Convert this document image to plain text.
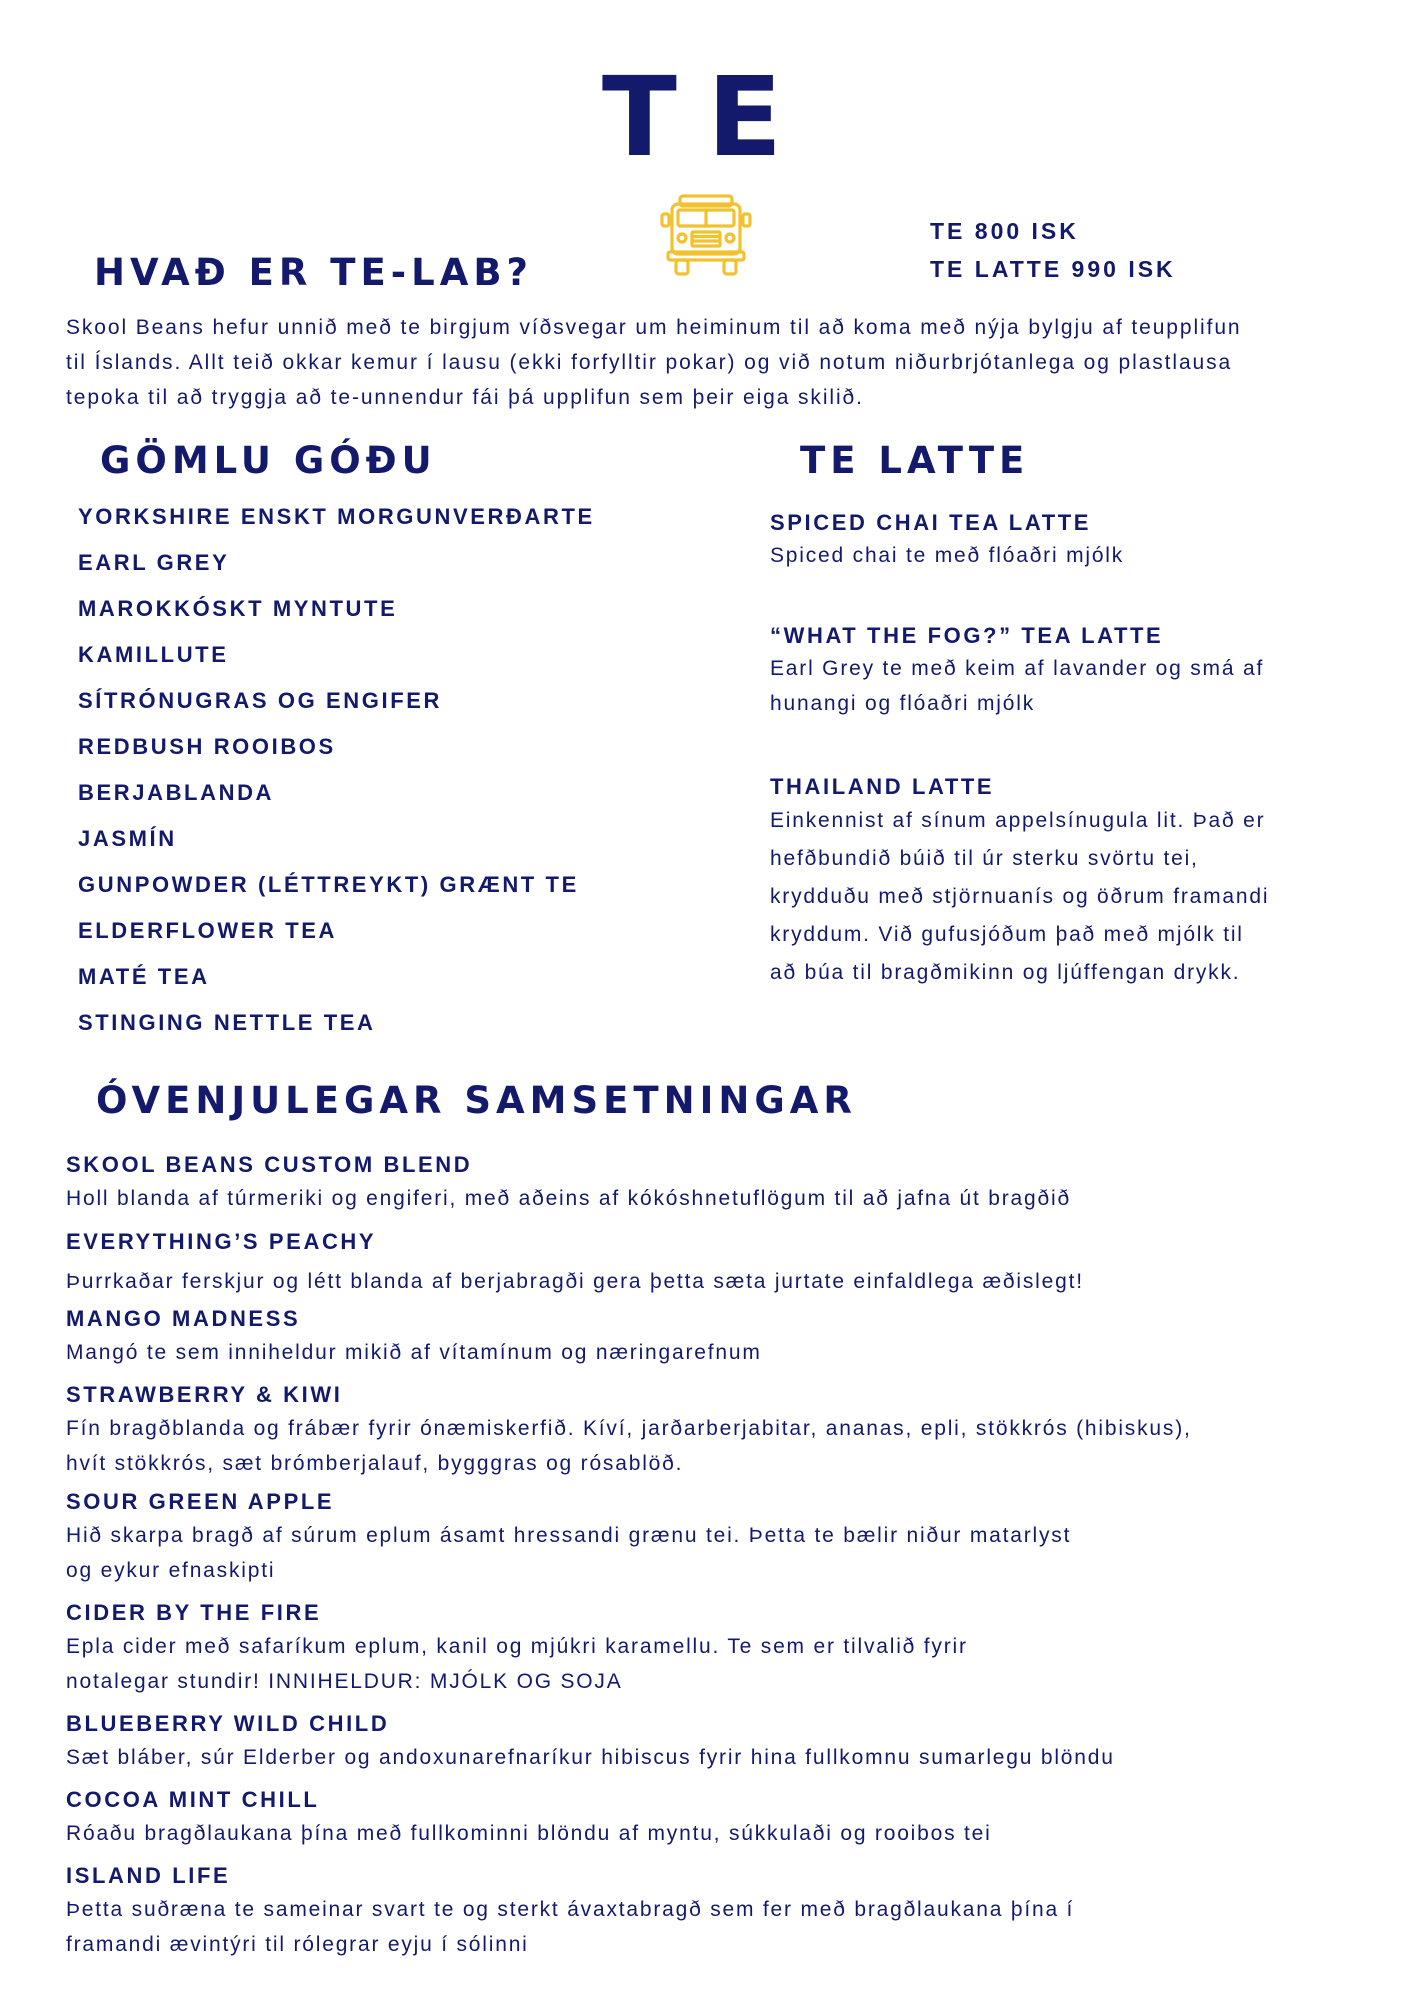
TE
TE 800 ISK
TE LATTE 990 ISK
HVAÐ ER TE-LAB?
Skool Beans hefur unnið með te birgjum víðsvegar um heiminum til að koma með nýja bylgju af teupplifun
til Íslands. Allt teið okkar kemur í lausu (ekki forfylltir pokar) og við notum niðurbrjótanlega og plastlausa
tepoka til að tryggja að te-unnendur fái þá upplifun sem þeir eiga skilið.
GÖMLU GÓÐU
YORKSHIRE ENSKT MORGUNVERÐARTE
EARL GREY
MAROKKÓSKT MYNTUTE
KAMILLUTE
SÍTRÓNUGRAS OG ENGIFER
REDBUSH ROOIBOS
BERJABLANDA
JASMÍN
GUNPOWDER (LÉTTREYKT) GRÆNT TE
ELDERFLOWER TEA
MATÉ TEA
STINGING NETTLE TEA
TE LATTE
SPICED CHAI TEA LATTE
Spiced chai te með flóaðri mjólk
“WHAT THE FOG?” TEA LATTE
Earl Grey te með keim af lavander og smá af
hunangi og flóaðri mjólk
THAILAND LATTE
Einkennist af sínum appelsínugula lit. Það er
hefðbundið búið til úr sterku svörtu tei,
krydduðu með stjörnuanís og öðrum framandi
kryddum. Við gufusjóðum það með mjólk til
að búa til bragðmikinn og ljúffengan drykk.
ÓVENJULEGAR SAMSETNINGAR
SKOOL BEANS CUSTOM BLEND
Holl blanda af túrmeriki og engiferi, með aðeins af kókóshnetuflögum til að jafna út bragðið
EVERYTHING’S PEACHY
Þurrkaðar ferskjur og létt blanda af berjabragði gera þetta sæta jurtate einfaldlega æðislegt!
MANGO MADNESS
Mangó te sem inniheldur mikið af vítamínum og næringarefnum
STRAWBERRY & KIWI
Fín bragðblanda og frábær fyrir ónæmiskerfið. Kíví, jarðarberjabitar, ananas, epli, stökkrós (hibiskus),
hvít stökkrós, sæt brómberjalauf, bygggras og rósablöð.
SOUR GREEN APPLE
Hið skarpa bragð af súrum eplum ásamt hressandi grænu tei. Þetta te bælir niður matarlyst
og eykur efnaskipti
CIDER BY THE FIRE
Epla cider með safaríkum eplum, kanil og mjúkri karamellu. Te sem er tilvalið fyrir
notalegar stundir! INNIHELDUR: MJÓLK OG SOJA
BLUEBERRY WILD CHILD
Sæt bláber, súr Elderber og andoxunarefnaríkur hibiscus fyrir hina fullkomnu sumarlegu blöndu
COCOA MINT CHILL
Róaðu bragðlaukana þína með fullkominni blöndu af myntu, súkkulaði og rooibos tei
ISLAND LIFE
Þetta suðræna te sameinar svart te og sterkt ávaxtabragð sem fer með bragðlaukana þína í
framandi ævintýri til rólegrar eyju í sólinni
